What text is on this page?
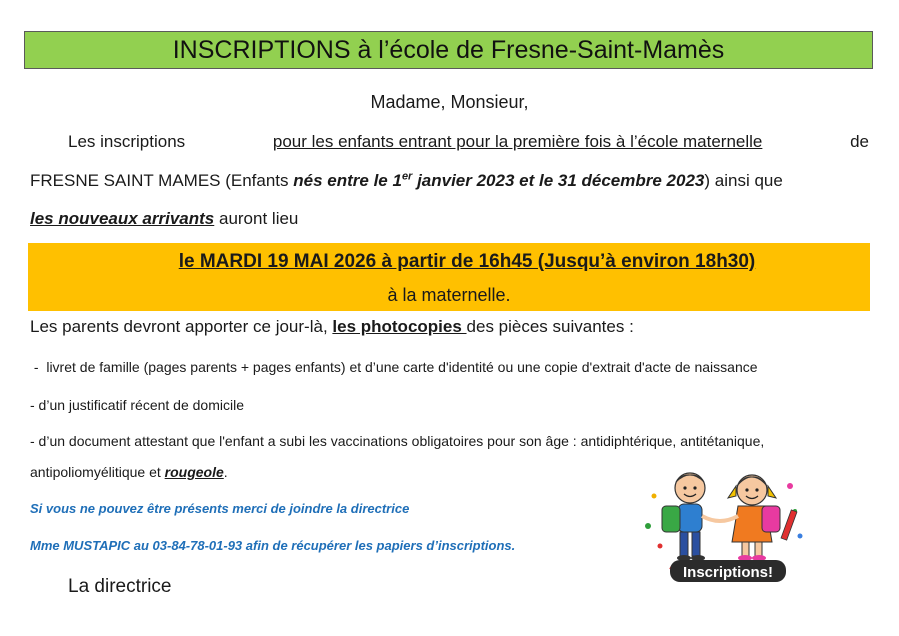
INSCRIPTIONS à l’école de Fresne-Saint-Mamès
Madame, Monsieur,
Les inscriptions	pour les enfants entrant pour la première fois à l’école maternelle	de
FRESNE SAINT MAMES (Enfants nés entre le 1er janvier 2023 et le 31 décembre 2023) ainsi que
les nouveaux arrivants auront lieu
le MARDI 19 MAI 2026 à partir de 16h45 (Jusqu’à environ 18h30)
à la maternelle.
Les parents devront apporter ce jour-là, les photocopies des pièces suivantes :
-  livret de famille (pages parents + pages enfants) et d’une carte d'identité ou une copie d'extrait d'acte de naissance
- d’un justificatif récent de domicile
- d’un document attestant que l'enfant a subi les vaccinations obligatoires pour son âge : antidiphtérique, antitétanique,
antipoliomyélitique et rougeole.
Si vous ne pouvez être présents merci de joindre la directrice
Mme MUSTAPIC au 03-84-78-01-93 afin de récupérer les papiers d’inscriptions.
La directrice
Inscriptions!
